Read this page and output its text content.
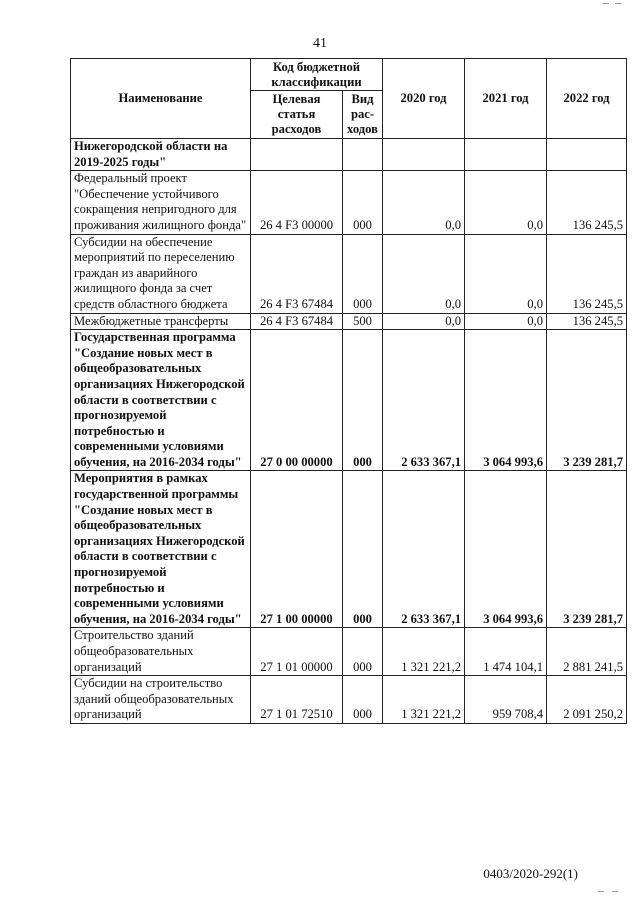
41
Наименование	Код бюджетной классификации		2020 год	2021 год	2022 год
	Целевая статья расходов	Вид рас-ходов			
Нижегородской области на 2019-2025 годы"					
Федеральный проект "Обеспечение устойчивого сокращения непригодного для проживания жилищного фонда"	26 4 F3 00000	000	0,0	0,0	136 245,5
Субсидии на обеспечение мероприятий по переселению граждан из аварийного жилищного фонда за счет средств областного бюджета	26 4 F3 67484	000	0,0	0,0	136 245,5
Межбюджетные трансферты	26 4 F3 67484	500	0,0	0,0	136 245,5
Государственная программа "Создание новых мест в общеобразовательных организациях Нижегородской области в соответствии с прогнозируемой потребностью и современными условиями обучения, на 2016-2034 годы"	27 0 00 00000	000	2 633 367,1	3 064 993,6	3 239 281,7
Мероприятия в рамках государственной программы "Создание новых мест в общеобразовательных организациях Нижегородской области в соответствии с прогнозируемой потребностью и современными условиями обучения, на 2016-2034 годы"	27 1 00 00000	000	2 633 367,1	3 064 993,6	3 239 281,7
Строительство зданий общеобразовательных организаций	27 1 01 00000	000	1 321 221,2	1 474 104,1	2 881 241,5
Субсидии на строительство зданий общеобразовательных организаций	27 1 01 72510	000	1 321 221,2	959 708,4	2 091 250,2
0403/2020-292(1)
